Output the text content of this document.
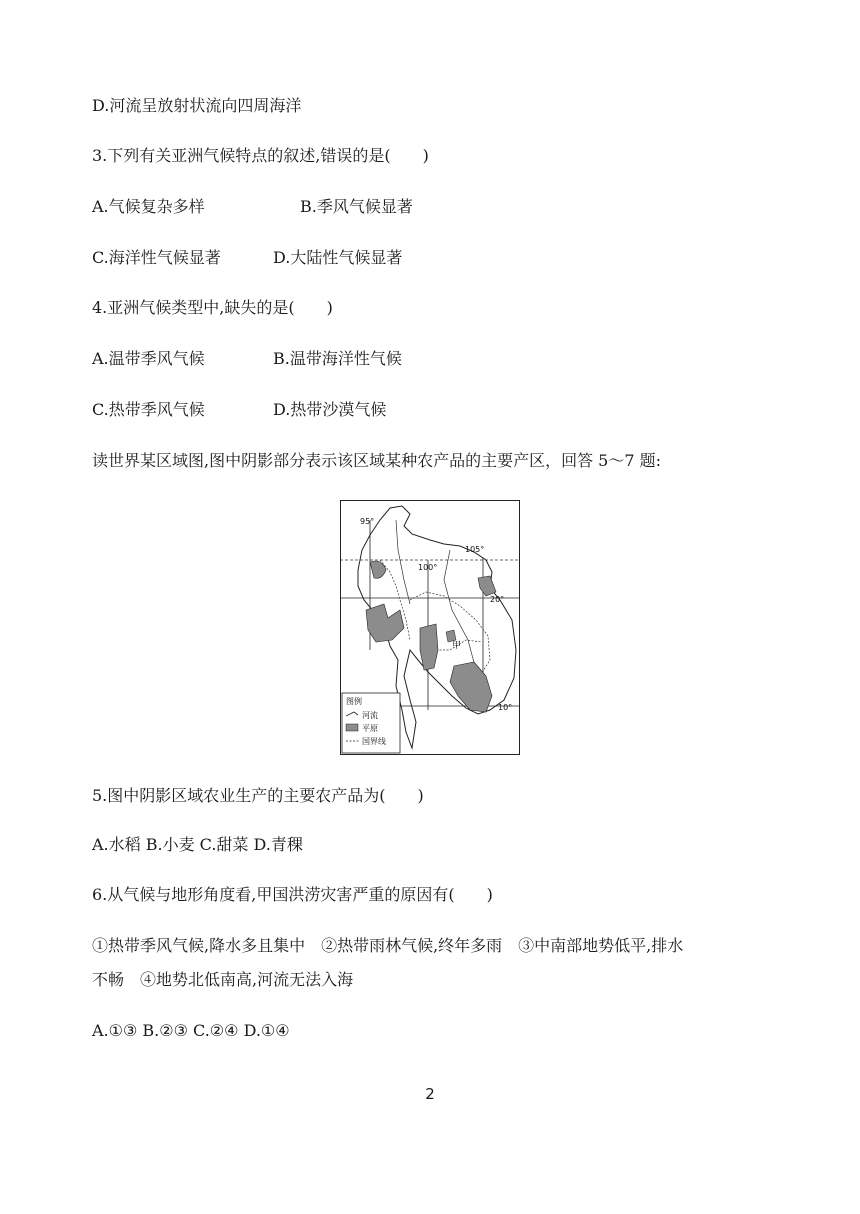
D.河流呈放射状流向四周海洋
3.下列有关亚洲气候特点的叙述,错误的是(　　)
A.气候复杂多样	B.季风气候显著
C.海洋性气候显著	D.大陆性气候显著
4.亚洲气候类型中,缺失的是(　　)
A.温带季风气候	B.温带海洋性气候
C.热带季风气候	D.热带沙漠气候
读世界某区域图,图中阴影部分表示该区域某种农产品的主要产区，回答 5～7 题:
95°
100°
105°
20°
10°
甲
图例
河流
平原
国界线
5.图中阴影区域农业生产的主要农产品为(　　)
A.水稻 B.小麦 C.甜菜 D.青稞
6.从气候与地形角度看,甲国洪涝灾害严重的原因有(　　)
①热带季风气候,降水多且集中　②热带雨林气候,终年多雨　③中南部地势低平,排水
不畅　④地势北低南高,河流无法入海
A.①③ B.②③ C.②④ D.①④
2
